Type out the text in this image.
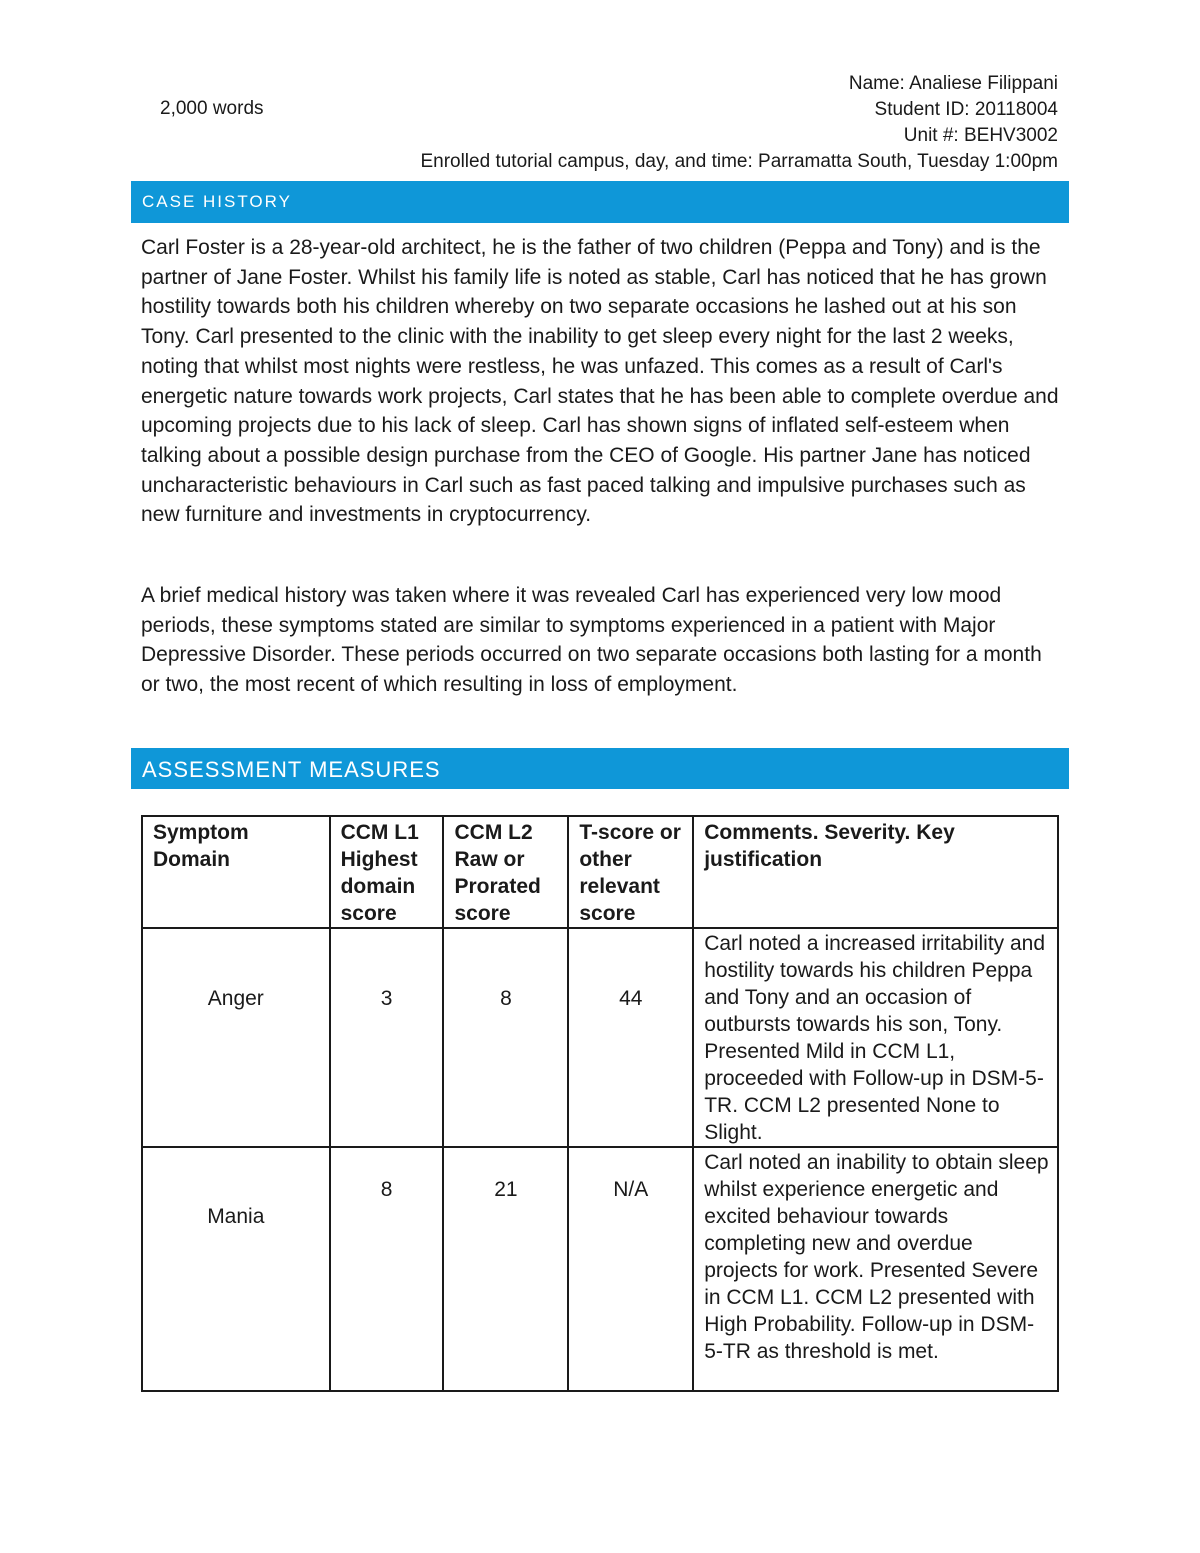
2,000 words
Name: Analiese Filippani
Student ID: 20118004
Unit #: BEHV3002
Enrolled tutorial campus, day, and time: Parramatta South, Tuesday 1:00pm
CASE HISTORY

Carl Foster is a 28-year-old architect, he is the father of two children (Peppa and Tony) and is the partner of Jane Foster. Whilst his family life is noted as stable, Carl has noticed that he has grown hostility towards both his children whereby on two separate occasions he lashed out at his son Tony. Carl presented to the clinic with the inability to get sleep every night for the last 2 weeks, noting that whilst most nights were restless, he was unfazed. This comes as a result of Carl's energetic nature towards work projects, Carl states that he has been able to complete overdue and upcoming projects due to his lack of sleep. Carl has shown signs of inflated self-esteem when talking about a possible design purchase from the CEO of Google. His partner Jane has noticed uncharacteristic behaviours in Carl such as fast paced talking and impulsive purchases such as new furniture and investments in cryptocurrency.

A brief medical history was taken where it was revealed Carl has experienced very low mood periods, these symptoms stated are similar to symptoms experienced in a patient with Major Depressive Disorder. These periods occurred on two separate occasions both lasting for a month or two, the most recent of which resulting in loss of employment.

ASSESSMENT MEASURES
Symptom Domain	CCM L1 Highest domain score	CCM L2 Raw or Prorated score	T-score or other relevant score	Comments. Severity. Key justification
Anger	3	8	44	Carl noted a increased irritability and hostility towards his children Peppa and Tony and an occasion of outbursts towards his son, Tony. Presented Mild in CCM L1, proceeded with Follow-up in DSM-5-TR. CCM L2 presented None to Slight.
Mania	8	21	N/A	Carl noted an inability to obtain sleep whilst experience energetic and excited behaviour towards completing new and overdue projects for work. Presented Severe in CCM L1. CCM L2 presented with High Probability. Follow-up in DSM-5-TR as threshold is met.
